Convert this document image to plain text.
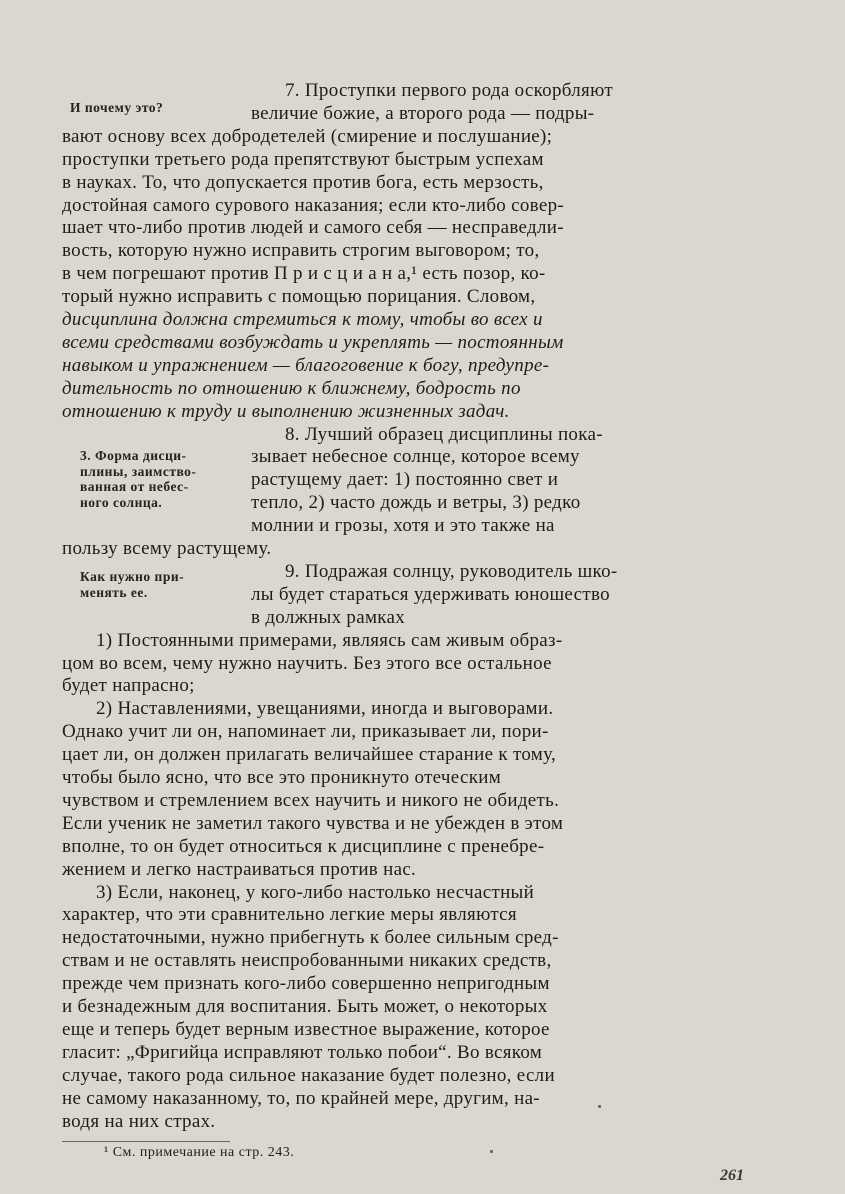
И почему это?
3. Форма дисци-
плины, заимство-
ванная от небес-
ного солнца.
Как нужно при-
менять ее.
7. Проступки первого рода оскорбляют
величие божие, а второго рода — подры-
вают основу всех добродетелей (смирение и послушание);
проступки третьего рода препятствуют быстрым успехам
в науках. То, что допускается против бога, есть мерзость,
достойная самого сурового наказания; если кто-либо совер-
шает что-либо против людей и самого себя — несправедли-
вость, которую нужно исправить строгим выговором; то,
в чем погрешают против П р и с ц и а н а,¹ есть позор, ко-
торый нужно исправить с помощью порицания. Словом,
дисциплина должна стремиться к тому, чтобы во всех и
всеми средствами возбуждать и укреплять — постоянным
навыком и упражнением — благоговение к богу, предупре-
дительность по отношению к ближнему, бодрость по
отношению к труду и выполнению жизненных задач.
8. Лучший образец дисциплины пока-
зывает небесное солнце, которое всему
растущему дает: 1) постоянно свет и
тепло, 2) часто дождь и ветры, 3) редко
молнии и грозы, хотя и это также на
пользу всему растущему.
9. Подражая солнцу, руководитель шко-
лы будет стараться удерживать юношество
в должных рамках
1) Постоянными примерами, являясь сам живым образ-
цом во всем, чему нужно научить. Без этого все остальное
будет напрасно;
2) Наставлениями, увещаниями, иногда и выговорами.
Однако учит ли он, напоминает ли, приказывает ли, пори-
цает ли, он должен прилагать величайшее старание к тому,
чтобы было ясно, что все это проникнуто отеческим
чувством и стремлением всех научить и никого не обидеть.
Если ученик не заметил такого чувства и не убежден в этом
вполне, то он будет относиться к дисциплине с пренебре-
жением и легко настраиваться против нас.
3) Если, наконец, у кого-либо настолько несчастный
характер, что эти сравнительно легкие меры являются
недостаточными, нужно прибегнуть к более сильным сред-
ствам и не оставлять неиспробованными никаких средств,
прежде чем признать кого-либо совершенно непригодным
и безнадежным для воспитания. Быть может, о некоторых
еще и теперь будет верным известное выражение, которое
гласит: „Фригийца исправляют только побои“. Во всяком
случае, такого рода сильное наказание будет полезно, если
не самому наказанному, то, по крайней мере, другим, на-
водя на них страх.
¹ См. примечание на стр. 243.
261
